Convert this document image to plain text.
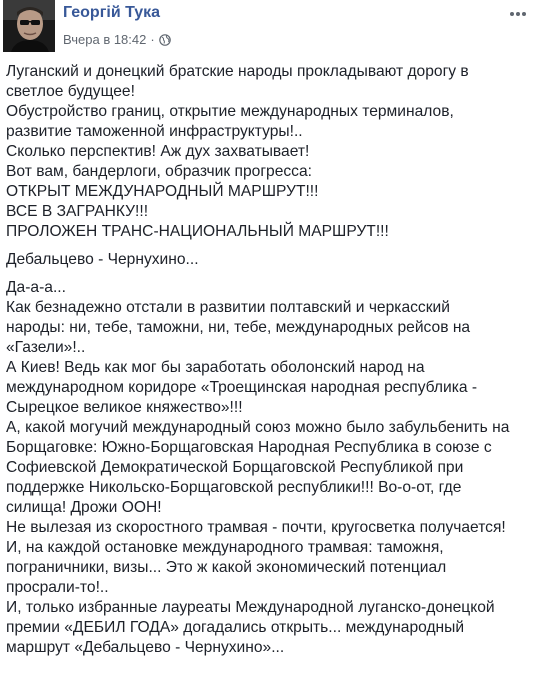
Георгій Тука
Вчера в 18:42 ·
Луганский и донецкий братские народы прокладывают дорогу в
светлое будущее!
Обустройство границ, открытие международных терминалов,
развитие таможенной инфраструктуры!..
Сколько перспектив! Аж дух захватывает!
Вот вам, бандерлоги, образчик прогресса:
ОТКРЫТ МЕЖДУНАРОДНЫЙ МАРШРУТ!!!
ВСЕ В ЗАГРАНКУ!!!
ПРОЛОЖЕН ТРАНС-НАЦИОНАЛЬНЫЙ МАРШРУТ!!!
Дебальцево - Чернухино...
Да-а-а...
Как безнадежно отстали в развитии полтавский и черкасский
народы: ни, тебе, таможни, ни, тебе, международных рейсов на
«Газели»!..
А Киев! Ведь как мог бы заработать оболонский народ на
международном коридоре «Троещинская народная республика -
Сырецкое великое княжество»!!!
А, какой могучий международный союз можно было забульбенить на
Борщаговке: Южно-Борщаговская Народная Республика в союзе с
Софиевской Демократической Борщаговской Республикой при
поддержке Никольско-Борщаговской республики!!! Во-о-от, где
силища! Дрожи ООН!
Не вылезая из скоростного трамвая - почти, кругосветка получается!
И, на каждой остановке международного трамвая: таможня,
пограничники, визы... Это ж какой экономический потенциал
просрали-то!..
И, только избранные лауреаты Международной луганско-донецкой
премии «ДЕБИЛ ГОДА» догадались открыть... международный
маршрут «Дебальцево - Чернухино»...
